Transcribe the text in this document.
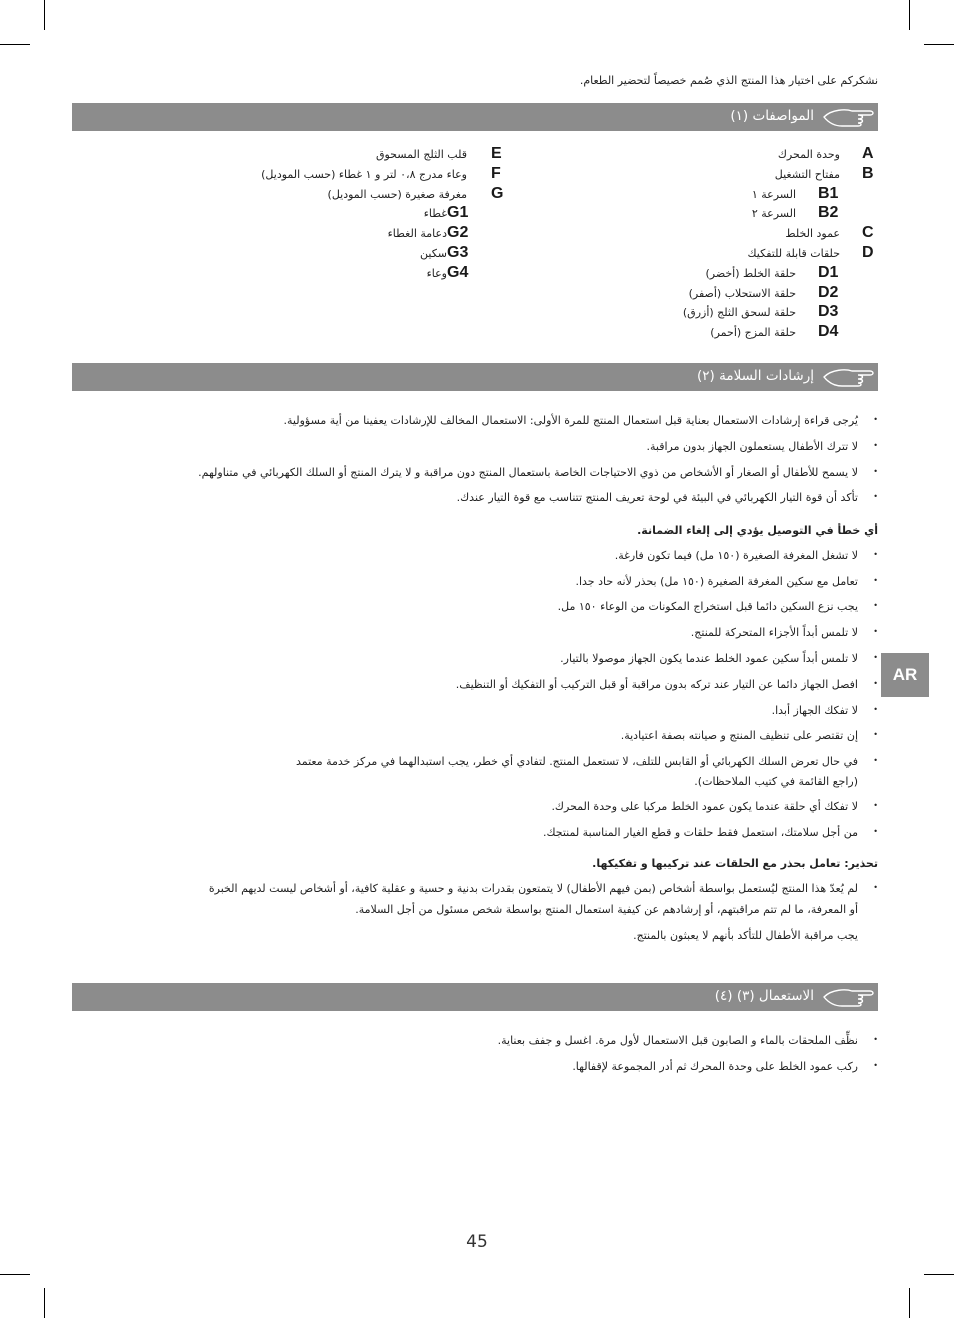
نشكركم على اختيار هذا المنتج الذي صُمم خصيصاً لتحضير الطعام.
المواصفات (١)
A
وحدة المحرك
B
مفتاح التشغيل
B1
السرعة ١
B2
السرعة ٢
C
عمود الخلط
D
حلقات قابلة للتفكيك
D1
حلقة الخلط (أخضر)
D2
حلقة الاستحلاب (أصفر)
D3
حلقة لسحق الثلج (أزرق)
D4
حلقة المزج (أحمر)
E
قلب الثلج المسحوق
F
وعاء مدرج ٠،٨ لتر و ١ غطاء (حسب الموديل)
G
مغرفة صغيرة (حسب الموديل)
G1
غطاء
G2
دعامة الغطاء
G3
سكين
G4
وعاء
إرشادات السلامة (٢)
•
يُرجى قراءة إرشادات الاستعمال بعناية قبل استعمال المنتج للمرة الأولى: الاستعمال المخالف للإرشادات يعفينا من أية مسؤولية.
•
لا تترك الأطفال يستعملون الجهاز بدون مراقبة.
•
لا يسمح للأطفال أو الصغار أو الأشخاص من ذوي الاحتياجات الخاصة باستعمال المنتج دون مراقبة و لا يترك المنتج أو السلك الكهربائي في متناولهم.
•
تأكد أن قوة التيار الكهربائي في البيئة في لوحة تعريف المنتج تتناسب مع قوة التيار عندك.
أي خطأ في التوصيل يؤدي إلى إلغاء الضمانة.
•
لا تشغل المغرفة الصغيرة (١٥٠ مل) فيما تكون فارغة.
•
تعامل مع سكين المغرفة الصغيرة (١٥٠ مل) بحذر لأنه حاد جدا.
•
يجب نزع السكين دائما قبل استخراج المكونات من الوعاء ١٥٠ مل.
•
لا تلمس أبداً الأجزاء المتحركة للمنتج.
•
لا تلمس أبداً سكين عمود الخلط عندما يكون الجهاز موصولا بالتيار.
•
افصل الجهاز دائما عن التيار عند تركه بدون مراقبة أو قبل التركيب أو التفكيك أو التنظيف.
•
لا تفكك الجهاز أبدا.
•
إن تقتصر على تنظيف المنتج و صيانته بصفة اعتيادية.
•
في حال تعرض السلك الكهربائي أو القابس للتلف، لا تستعمل المنتج. لتفادي أي خطر، يجب استبدالهما في مركز خدمة معتمد
(راجع القائمة في كتيب الملاحظات).
•
لا تفكك أي حلقة عندما يكون عمود الخلط مركبا على وحدة المحرك.
•
من أجل سلامتك، استعمل فقط حلقات و قطع الغيار المناسبة لمنتجك.
تحذير: تعامل بحذر مع الحلقات عند تركيبها و تفكيكها.
•
لم يُعدّ هذا المنتج ليُستعمل بواسطة أشخاص (بمن فيهم الأطفال) لا يتمتعون بقدرات بدنية و حسية و عقلية كافية، أو أشخاص ليست لديهم الخبرة
أو المعرفة، ما لم تتم مراقبتهم، أو إرشادهم عن كيفية استعمال المنتج بواسطة شخص مسئول من أجل السلامة.
يجب مراقبة الأطفال للتأكد بأنهم لا يعبثون بالمنتج.
الاستعمال (٣) (٤)
•
نظِّف الملحقات بالماء و الصابون قبل الاستعمال لأول مرة. اغسل و جفف بعناية.
•
ركب عمود الخلط على وحدة المحرك ثم أدر المجموعة لإقفالها.
AR
45
